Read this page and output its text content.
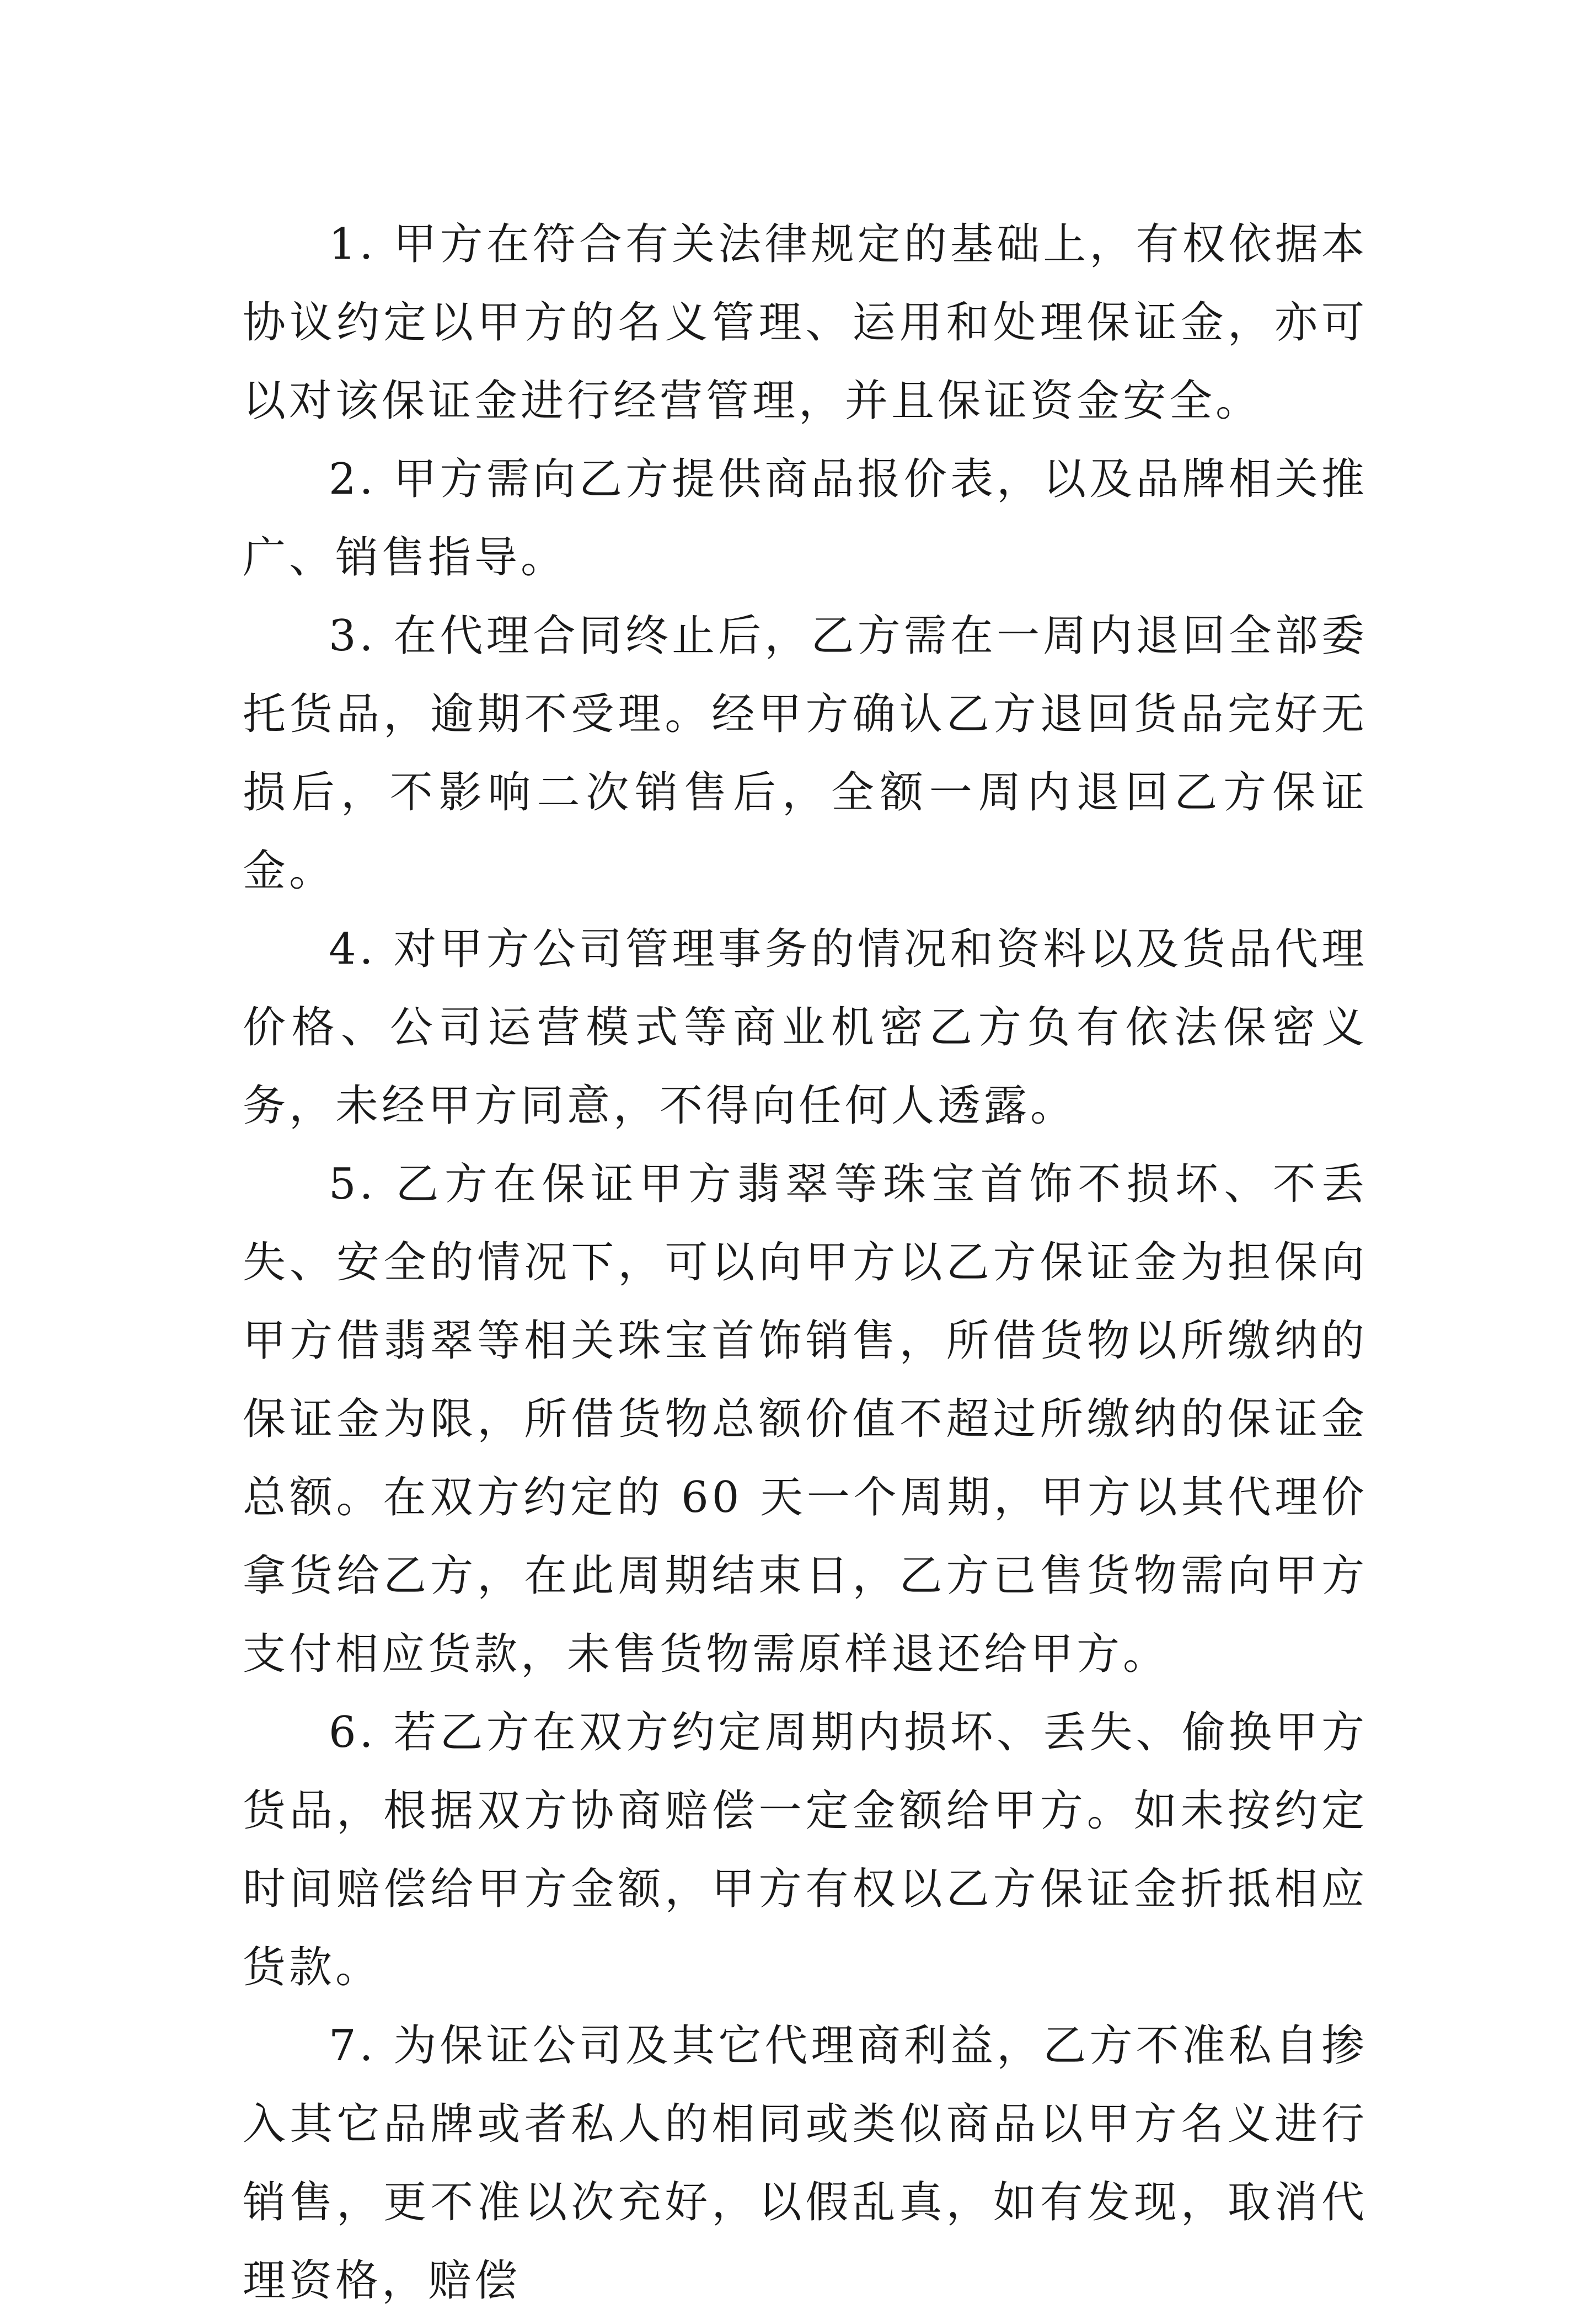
1. 甲方在符合有关法律规定的基础上，有权依据本协议约定以甲方的名义管理、运用和处理保证金，亦可以对该保证金进行经营管理，并且保证资金安全。

2. 甲方需向乙方提供商品报价表，以及品牌相关推广、销售指导。

3. 在代理合同终止后，乙方需在一周内退回全部委托货品，逾期不受理。经甲方确认乙方退回货品完好无损后，不影响二次销售后，全额一周内退回乙方保证金。

4. 对甲方公司管理事务的情况和资料以及货品代理价格、公司运营模式等商业机密乙方负有依法保密义务，未经甲方同意，不得向任何人透露。

5. 乙方在保证甲方翡翠等珠宝首饰不损坏、不丢失、安全的情况下，可以向甲方以乙方保证金为担保向甲方借翡翠等相关珠宝首饰销售，所借货物以所缴纳的保证金为限，所借货物总额价值不超过所缴纳的保证金总额。在双方约定的 60 天一个周期，甲方以其代理价拿货给乙方，在此周期结束日，乙方已售货物需向甲方支付相应货款，未售货物需原样退还给甲方。

6. 若乙方在双方约定周期内损坏、丢失、偷换甲方货品，根据双方协商赔偿一定金额给甲方。如未按约定时间赔偿给甲方金额，甲方有权以乙方保证金折抵相应货款。

7. 为保证公司及其它代理商利益，乙方不准私自掺入其它品牌或者私人的相同或类似商品以甲方名义进行销售，更不准以次充好，以假乱真，如有发现，取消代理资格，赔偿
